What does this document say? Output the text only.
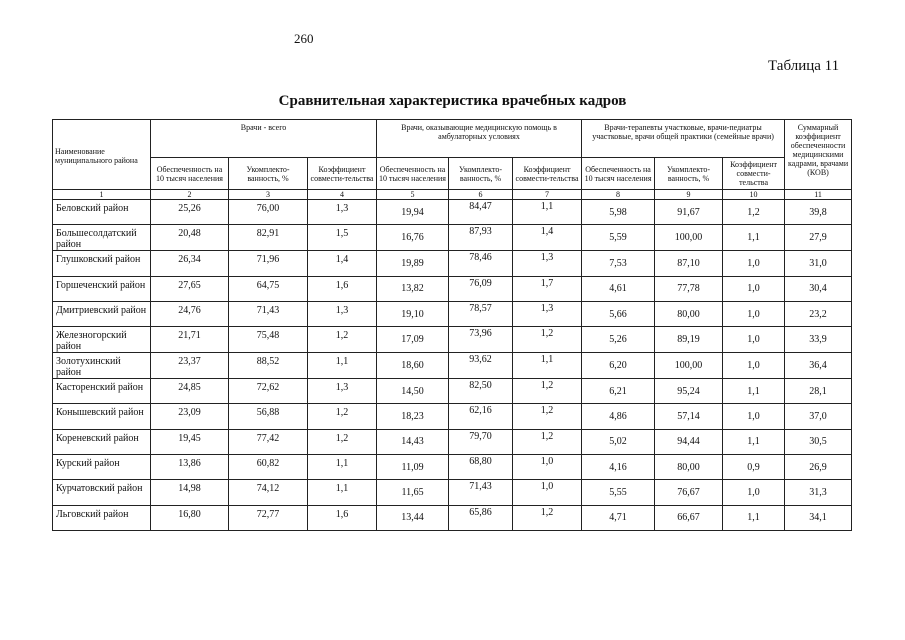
260
Таблица 11
Сравнительная характеристика врачебных кадров
Наименование муниципального района	Врачи - всего			Врачи, оказывающие медицинскую помощь в амбулаторных условиях			Врачи-терапевты участковые, врачи-педиатры участковые, врачи общей практики (семейные врачи)			Суммарный коэффициент обеспеченности медицинскими кадрами, врачами (КОВ)
	Обеспеченность на 10 тысяч населения	Укомплекто-ванность, %	Коэффициент совмести-тельства	Обеспеченность на 10 тысяч населения	Укомплекто-ванность, %	Коэффициент совмести-тельства	Обеспеченность на 10 тысяч населения	Укомплекто-ванность, %	Коэффициент совмести-тельства	
1	2	3	4	5	6	7	8	9	10	11
Беловский район	25,26	76,00	1,3	19,94	84,47	1,1	5,98	91,67	1,2	39,8
Большесолдатский район	20,48	82,91	1,5	16,76	87,93	1,4	5,59	100,00	1,1	27,9
Глушковский район	26,34	71,96	1,4	19,89	78,46	1,3	7,53	87,10	1,0	31,0
Горшеченский район	27,65	64,75	1,6	13,82	76,09	1,7	4,61	77,78	1,0	30,4
Дмитриевский район	24,76	71,43	1,3	19,10	78,57	1,3	5,66	80,00	1,0	23,2
Железногорский район	21,71	75,48	1,2	17,09	73,96	1,2	5,26	89,19	1,0	33,9
Золотухинский район	23,37	88,52	1,1	18,60	93,62	1,1	6,20	100,00	1,0	36,4
Касторенский район	24,85	72,62	1,3	14,50	82,50	1,2	6,21	95,24	1,1	28,1
Конышевский район	23,09	56,88	1,2	18,23	62,16	1,2	4,86	57,14	1,0	37,0
Кореневский район	19,45	77,42	1,2	14,43	79,70	1,2	5,02	94,44	1,1	30,5
Курский район	13,86	60,82	1,1	11,09	68,80	1,0	4,16	80,00	0,9	26,9
Курчатовский район	14,98	74,12	1,1	11,65	71,43	1,0	5,55	76,67	1,0	31,3
Льговский район	16,80	72,77	1,6	13,44	65,86	1,2	4,71	66,67	1,1	34,1
